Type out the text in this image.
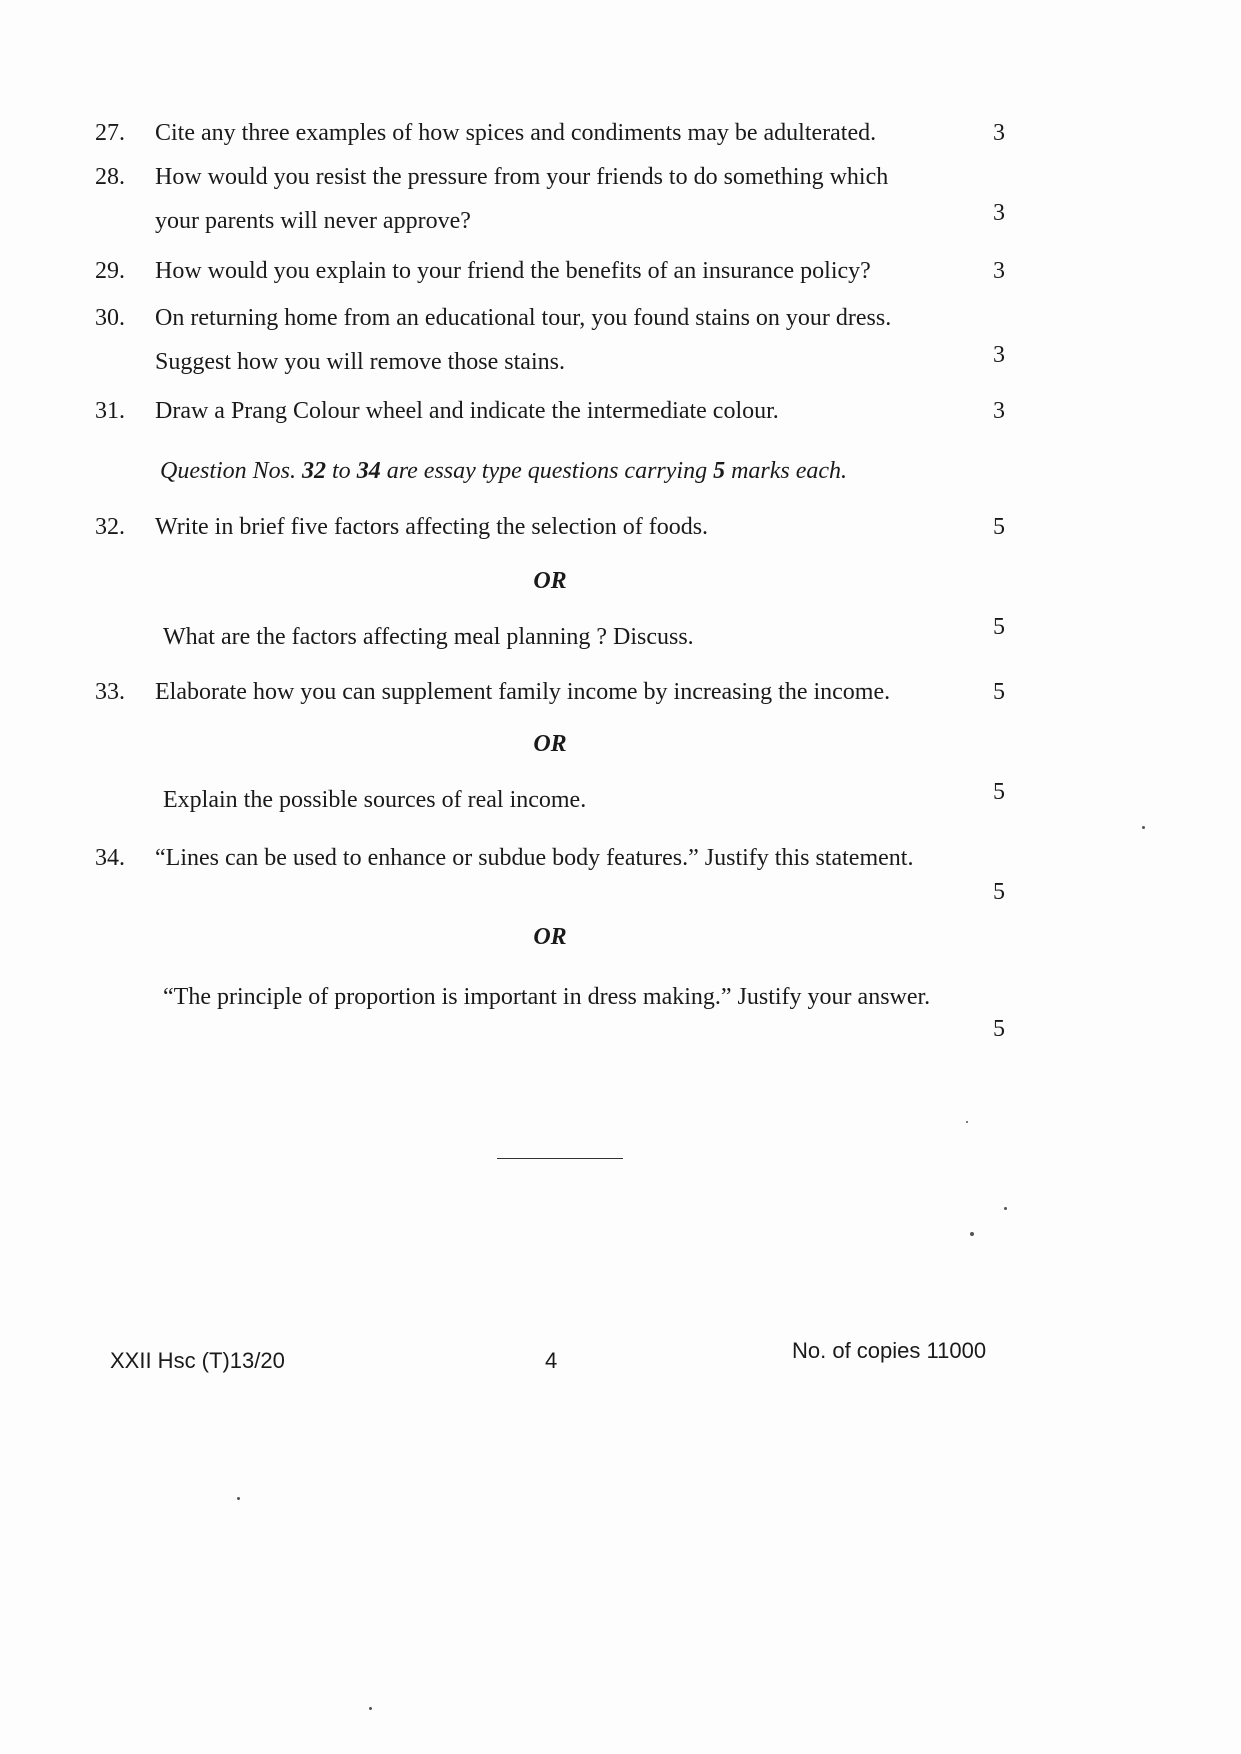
27.	Cite any three examples of how spices and condiments may be adulterated.	3
28.	How would you resist the pressure from your friends to do something which
your parents will never approve?	3
29.	How would you explain to your friend the benefits of an insurance policy?	3
30.	On returning home from an educational tour, you found stains on your dress.
Suggest how you will remove those stains.	3
31.	Draw a Prang Colour wheel and indicate the intermediate colour.	3
Question Nos. 32 to 34 are essay type questions carrying 5 marks each.
32.	Write in brief five factors affecting the selection of foods.	5
OR
What are the factors affecting meal planning ? Discuss.	5
33.	Elaborate how you can supplement family income by increasing the income.	5
OR
Explain the possible sources of real income.	5
34.	“Lines can be used to enhance or subdue body features.” Justify this statement.
5
OR
“The principle of proportion is important in dress making.” Justify your answer.
5
XXII Hsc (T)13/20	4	No. of copies 11000
